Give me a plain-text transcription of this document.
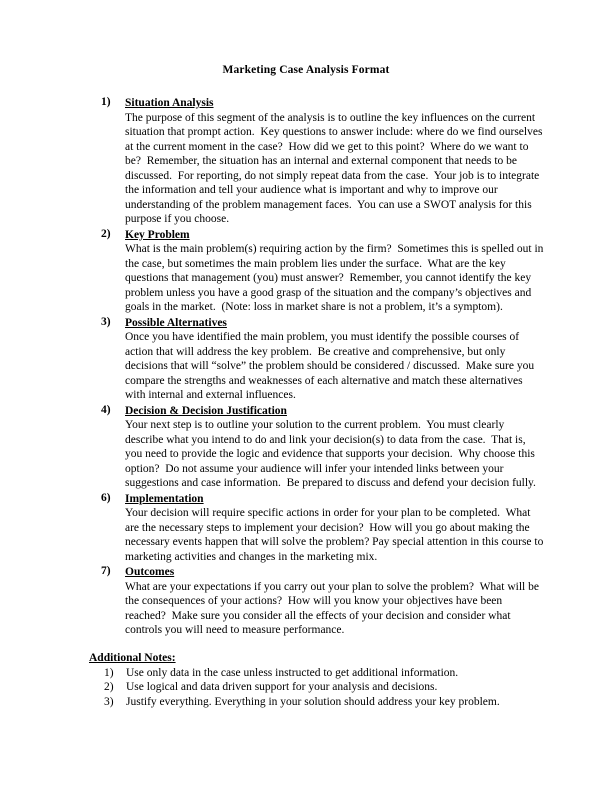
Marketing Case Analysis Format
1)	Situation Analysis
The purpose of this segment of the analysis is to outline the key influences on the current situation that prompt action.  Key questions to answer include: where do we find ourselves at the current moment in the case?  How did we get to this point?  Where do we want to be?  Remember, the situation has an internal and external component that needs to be discussed.  For reporting, do not simply repeat data from the case.  Your job is to integrate the information and tell your audience what is important and why to improve our understanding of the problem management faces.  You can use a SWOT analysis for this purpose if you choose.
2)	Key Problem
What is the main problem(s) requiring action by the firm?  Sometimes this is spelled out in the case, but sometimes the main problem lies under the surface.  What are the key questions that management (you) must answer?  Remember, you cannot identify the key problem unless you have a good grasp of the situation and the company’s objectives and goals in the market.  (Note: loss in market share is not a problem, it’s a symptom).
3)	Possible Alternatives
Once you have identified the main problem, you must identify the possible courses of action that will address the key problem.  Be creative and comprehensive, but only decisions that will “solve” the problem should be considered / discussed.  Make sure you compare the strengths and weaknesses of each alternative and match these alternatives with internal and external influences.
4)	Decision & Decision Justification
Your next step is to outline your solution to the current problem.  You must clearly describe what you intend to do and link your decision(s) to data from the case.  That is, you need to provide the logic and evidence that supports your decision.  Why choose this option?  Do not assume your audience will infer your intended links between your suggestions and case information.  Be prepared to discuss and defend your decision fully.
6)	Implementation
Your decision will require specific actions in order for your plan to be completed.  What are the necessary steps to implement your decision?  How will you go about making the necessary events happen that will solve the problem? Pay special attention in this course to marketing activities and changes in the marketing mix.
7)	Outcomes
What are your expectations if you carry out your plan to solve the problem?  What will be the consequences of your actions?  How will you know your objectives have been reached?  Make sure you consider all the effects of your decision and consider what controls you will need to measure performance.
Additional Notes:
1)	Use only data in the case unless instructed to get additional information.
2)	Use logical and data driven support for your analysis and decisions.
3)	Justify everything. Everything in your solution should address your key problem.
